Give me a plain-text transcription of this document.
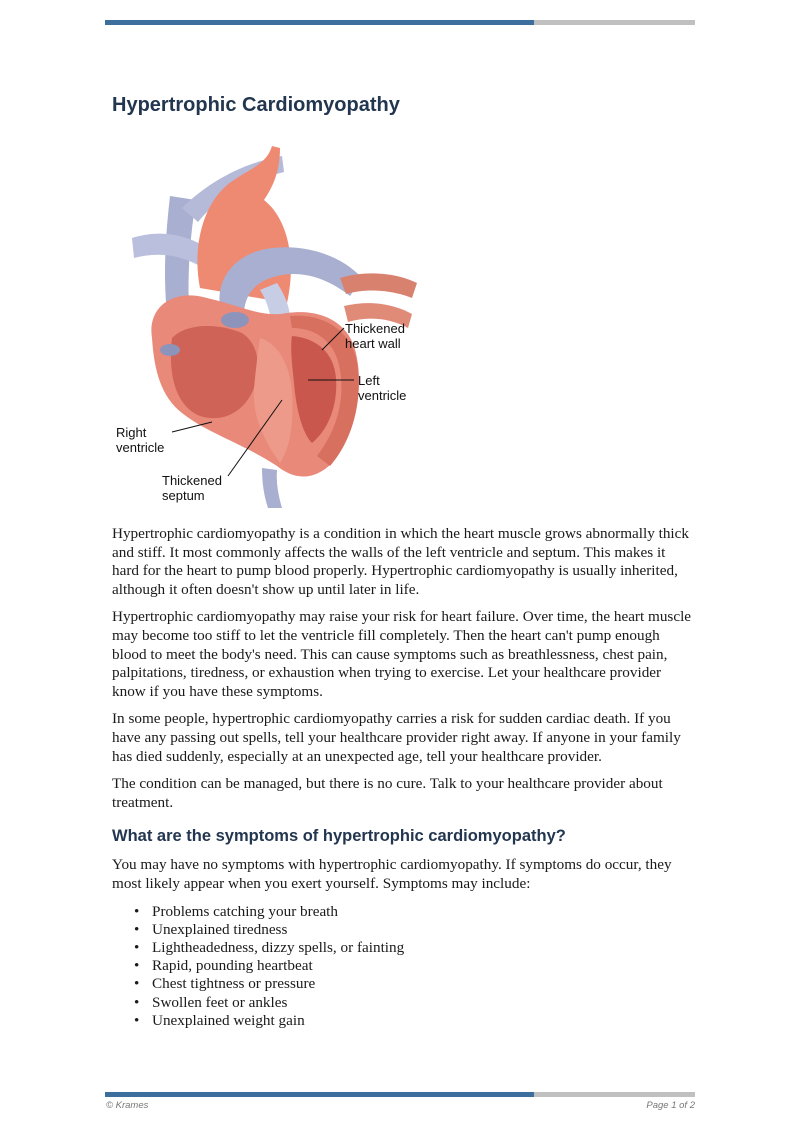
Hypertrophic Cardiomyopathy
Thickened
heart wall
Left
ventricle
Right
ventricle
Thickened
septum

Hypertrophic cardiomyopathy is a condition in which the heart muscle grows abnormally thick and stiff. It most commonly affects the walls of the left ventricle and septum. This makes it hard for the heart to pump blood properly. Hypertrophic cardiomyopathy is usually inherited, although it often doesn't show up until later in life.

Hypertrophic cardiomyopathy may raise your risk for heart failure. Over time, the heart muscle may become too stiff to let the ventricle fill completely. Then the heart can't pump enough blood to meet the body's need. This can cause symptoms such as breathlessness, chest pain, palpitations, tiredness, or exhaustion when trying to exercise. Let your healthcare provider know if you have these symptoms.

In some people, hypertrophic cardiomyopathy carries a risk for sudden cardiac death. If you have any passing out spells, tell your healthcare provider right away. If anyone in your family has died suddenly, especially at an unexpected age, tell your healthcare provider.

The condition can be managed, but there is no cure. Talk to your healthcare provider about treatment.

What are the symptoms of hypertrophic cardiomyopathy?

You may have no symptoms with hypertrophic cardiomyopathy. If symptoms do occur, they most likely appear when you exert yourself. Symptoms may include:

• Problems catching your breath
• Unexplained tiredness
• Lightheadedness, dizzy spells, or fainting
• Rapid, pounding heartbeat
• Chest tightness or pressure
• Swollen feet or ankles
• Unexplained weight gain
© Krames	Page 1 of 2
